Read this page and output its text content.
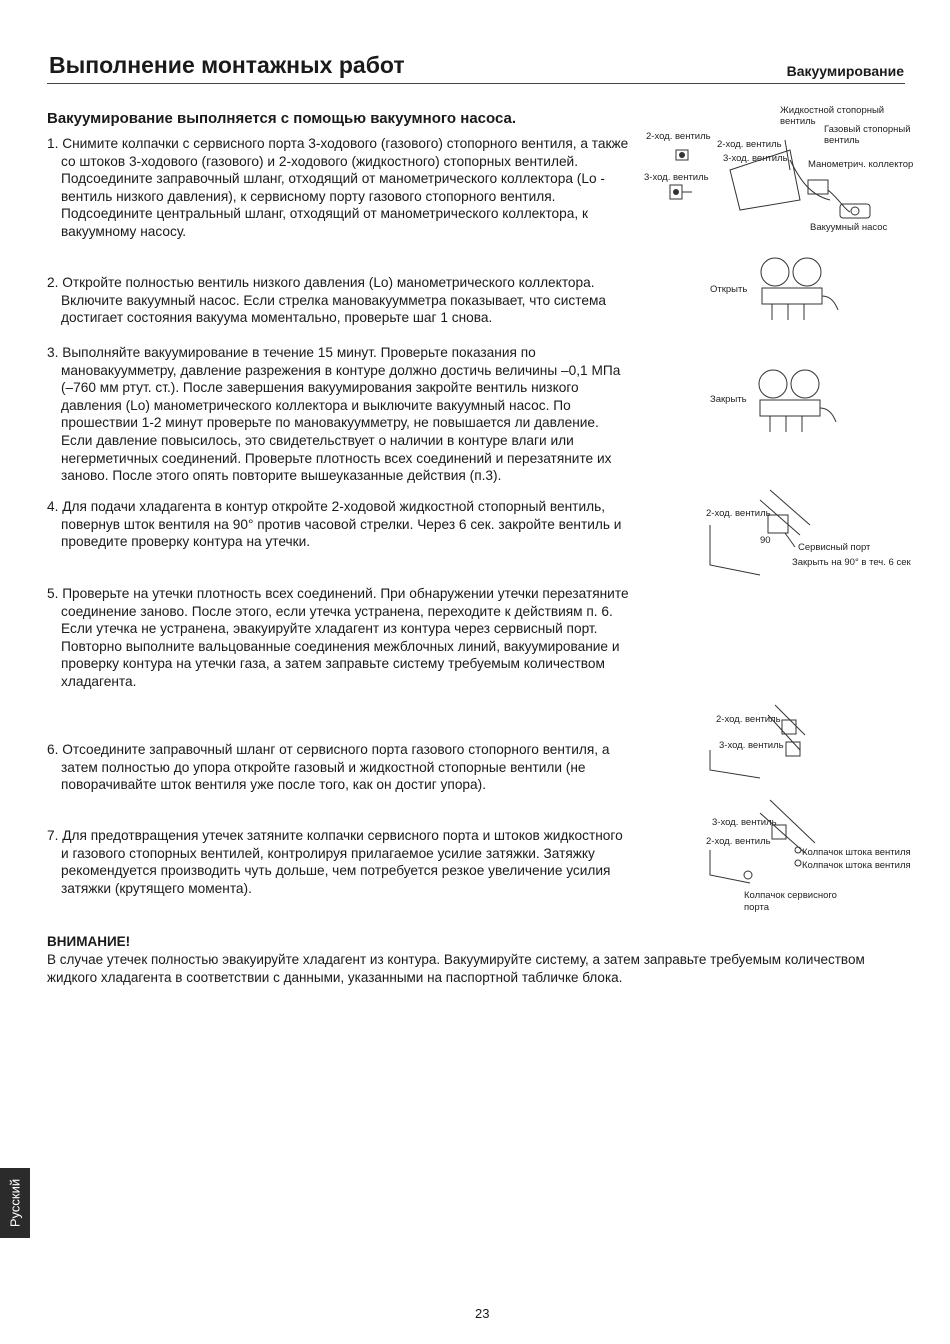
Выполнение монтажных работ	Вакуумирование
Вакуумирование выполняется с помощью вакуумного насоса.

1. Снимите колпачки с сервисного порта 3-ходового (газового) стопорного вентиля, а также со штоков 3-ходового (газового) и 2-ходового (жидкостного) стопорных вентилей. Подсоедините заправочный шланг, отходящий от манометрического коллектора (Lo - вентиль низкого давления), к сервисному порту газового стопорного вентиля. Подсоедините центральный шланг, отходящий от манометрического коллектора, к вакуумному насосу.

2. Откройте полностью вентиль низкого давления (Lo) манометрического коллектора. Включите вакуумный насос. Если стрелка мановакуумметра показывает, что система достигает состояния вакуума моментально, проверьте шаг 1 снова.

3. Выполняйте вакуумирование в течение 15 минут. Проверьте показания по мановакуумметру, давление разрежения в контуре должно достичь величины –0,1 МПа (–760 мм ртут. ст.). После завершения вакуумирования закройте вентиль низкого давления (Lo) манометрического коллектора и выключите вакуумный насос. По прошествии 1-2 минут проверьте по мановакуумметру, не повышается ли давление. Если давление повысилось, это свидетельствует о наличии в контуре влаги или негерметичных соединений. Проверьте плотность всех соединений и перезатяните их заново. После этого опять повторите вышеуказанные действия (п.3).

4. Для подачи хладагента в контур откройте 2-ходовой жидкостной стопорный вентиль, повернув шток вентиля на 90° против часовой стрелки. Через 6 сек. закройте вентиль и проведите проверку контура на утечки.

5. Проверьте на утечки плотность всех соединений. При обнаружении утечки перезатяните соединение заново. После этого, если утечка устранена, переходите к действиям п. 6. Если утечка не устранена, эвакуируйте хладагент из контура через сервисный порт. Повторно выполните вальцованные соединения межблочных линий, вакуумирование и проверку контура на утечки газа, а затем заправьте систему требуемым количеством хладагента.

6. Отсоедините заправочный шланг от сервисного порта газового стопорного вентиля, а затем полностью до упора откройте газовый и жидкостной стопорные вентили (не поворачивайте шток вентиля уже после того, как он достиг упора).

7. Для предотвращения утечек затяните колпачки сервисного порта и штоков жидкостного и газового стопорных вентилей, контролируя прилагаемое усилие затяжки. Затяжку рекомендуется производить чуть дольше, чем потребуется резкое увеличение усилия затяжки (крутящего момента).

ВНИМАНИЕ!
В случае утечек полностью эвакуируйте хладагент из контура. Вакуумируйте систему, а затем заправьте требуемым количеством жидкого хладагента в соответствии с данными, указанными на паспортной табличке блока.
2-ход. вентиль
3-ход. вентиль
Жидкостной стопорный
вентиль
Газовый стопорный
вентиль
2-ход. вентиль
3-ход. вентиль
Манометрич. коллектор
Вакуумный насос
Открыть
Закрыть
2-ход. вентиль
90
Сервисный порт
Закрыть на 90° в теч. 6 сек
2-ход. вентиль
3-ход. вентиль
3-ход. вентиль
2-ход. вентиль
Колпачок штока вентиля
Колпачок штока вентиля
Колпачок сервисного
порта
Русский
23
